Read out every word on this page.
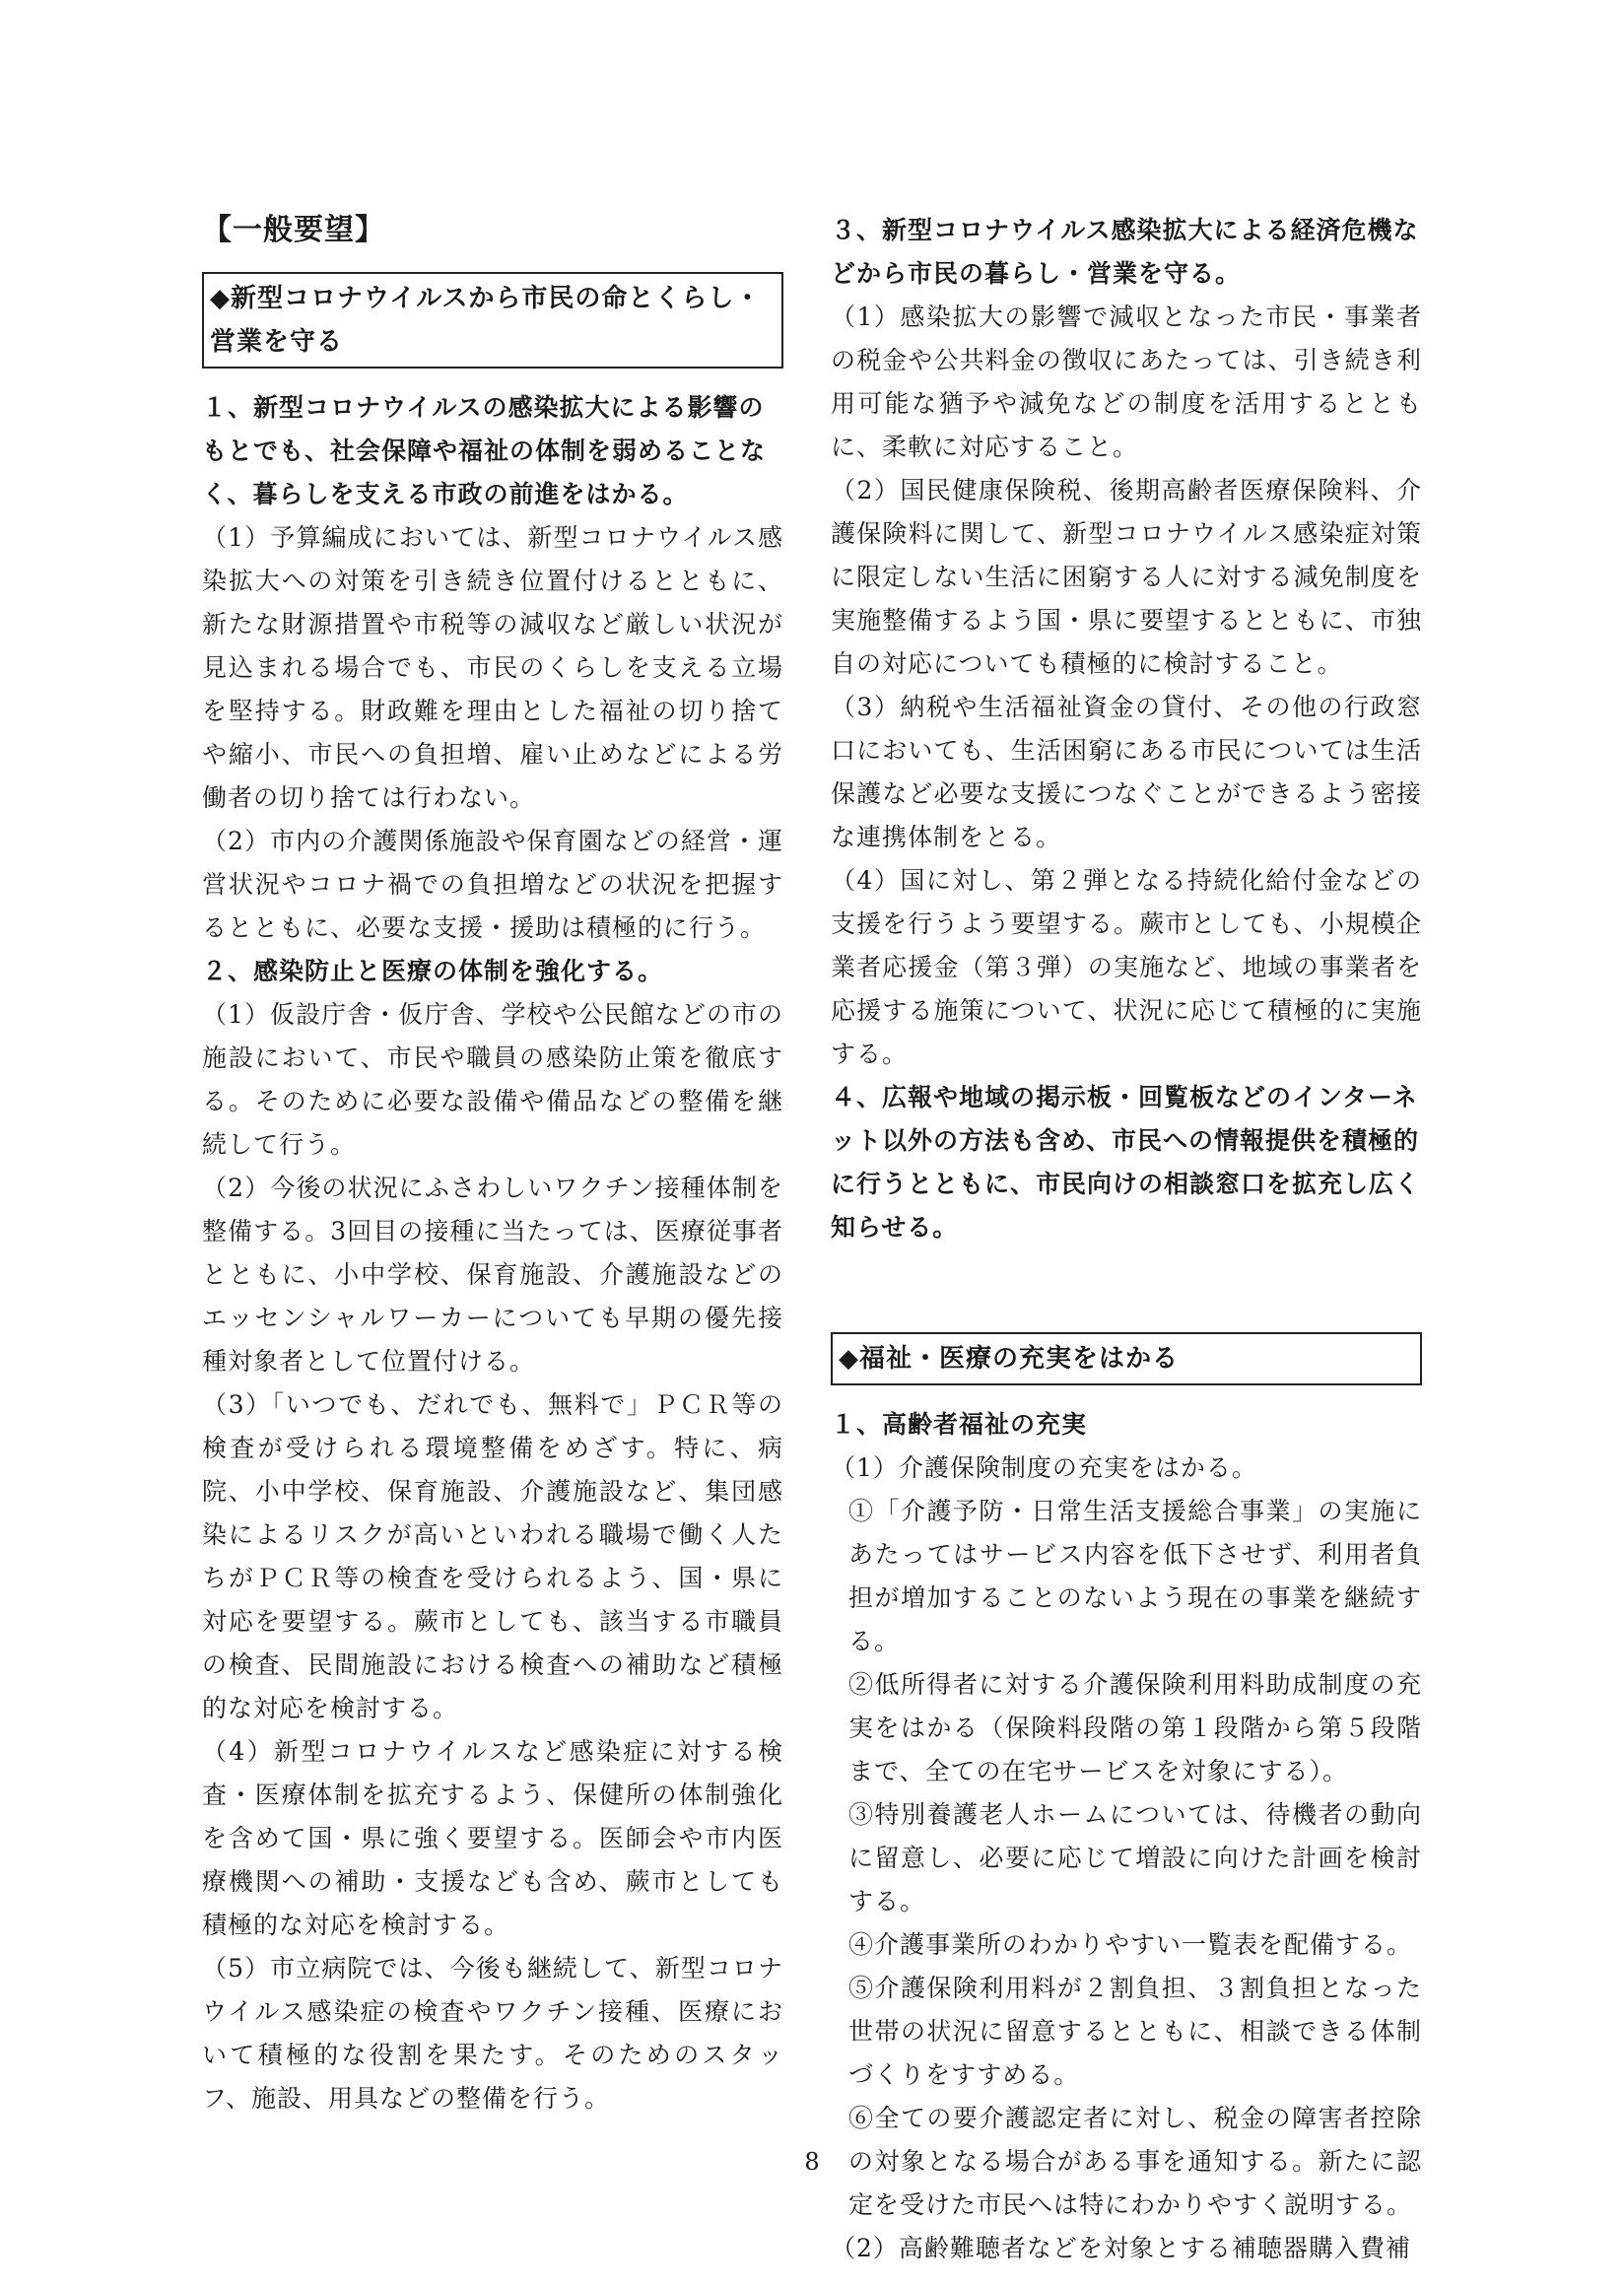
【一般要望】
◆新型コロナウイルスから市民の命とくらし・営業を守る
１、新型コロナウイルスの感染拡大による影響のもとでも、社会保障や福祉の体制を弱めることなく、暮らしを支える市政の前進をはかる。

（1）予算編成においては、新型コロナウイルス感染拡大への対策を引き続き位置付けるとともに、新たな財源措置や市税等の減収など厳しい状況が見込まれる場合でも、市民のくらしを支える立場を堅持する。財政難を理由とした福祉の切り捨てや縮小、市民への負担増、雇い止めなどによる労働者の切り捨ては行わない。

（2）市内の介護関係施設や保育園などの経営・運営状況やコロナ禍での負担増などの状況を把握するとともに、必要な支援・援助は積極的に行う。

２、感染防止と医療の体制を強化する。

（1）仮設庁舎・仮庁舎、学校や公民館などの市の施設において、市民や職員の感染防止策を徹底する。そのために必要な設備や備品などの整備を継続して行う。

（2）今後の状況にふさわしいワクチン接種体制を整備する。3回目の接種に当たっては、医療従事者とともに、小中学校、保育施設、介護施設などのエッセンシャルワーカーについても早期の優先接種対象者として位置付ける。

（3）「いつでも、だれでも、無料で」ＰＣＲ等の検査が受けられる環境整備をめざす。特に、病院、小中学校、保育施設、介護施設など、集団感染によるリスクが高いといわれる職場で働く人たちがＰＣＲ等の検査を受けられるよう、国・県に対応を要望する。蕨市としても、該当する市職員の検査、民間施設における検査への補助など積極的な対応を検討する。

（4）新型コロナウイルスなど感染症に対する検査・医療体制を拡充するよう、保健所の体制強化を含めて国・県に強く要望する。医師会や市内医療機関への補助・支援なども含め、蕨市としても積極的な対応を検討する。

（5）市立病院では、今後も継続して、新型コロナウイルス感染症の検査やワクチン接種、医療において積極的な役割を果たす。そのためのスタッフ、施設、用具などの整備を行う。

３、新型コロナウイルス感染拡大による経済危機などから市民の暮らし・営業を守る。

（1）感染拡大の影響で減収となった市民・事業者の税金や公共料金の徴収にあたっては、引き続き利用可能な猶予や減免などの制度を活用するとともに、柔軟に対応すること。

（2）国民健康保険税、後期高齢者医療保険料、介護保険料に関して、新型コロナウイルス感染症対策に限定しない生活に困窮する人に対する減免制度を実施整備するよう国・県に要望するとともに、市独自の対応についても積極的に検討すること。

（3）納税や生活福祉資金の貸付、その他の行政窓口においても、生活困窮にある市民については生活保護など必要な支援につなぐことができるよう密接な連携体制をとる。

（4）国に対し、第２弾となる持続化給付金などの支援を行うよう要望する。蕨市としても、小規模企業者応援金（第３弾）の実施など、地域の事業者を応援する施策について、状況に応じて積極的に実施する。

４、広報や地域の掲示板・回覧板などのインターネット以外の方法も含め、市民への情報提供を積極的に行うとともに、市民向けの相談窓口を拡充し広く知らせる。
◆福祉・医療の充実をはかる
１、高齢者福祉の充実

（1）介護保険制度の充実をはかる。

①「介護予防・日常生活支援総合事業」の実施にあたってはサービス内容を低下させず、利用者負担が増加することのないよう現在の事業を継続する。

②低所得者に対する介護保険利用料助成制度の充実をはかる（保険料段階の第１段階から第５段階まで、全ての在宅サービスを対象にする）。

③特別養護老人ホームについては、待機者の動向に留意し、必要に応じて増設に向けた計画を検討する。

④介護事業所のわかりやすい一覧表を配備する。

⑤介護保険利用料が２割負担、３割負担となった世帯の状況に留意するとともに、相談できる体制づくりをすすめる。

⑥全ての要介護認定者に対し、税金の障害者控除の対象となる場合がある事を通知する。新たに認定を受けた市民へは特にわかりやすく説明する。

（2）高齢難聴者などを対象とする補聴器購入費補

8
